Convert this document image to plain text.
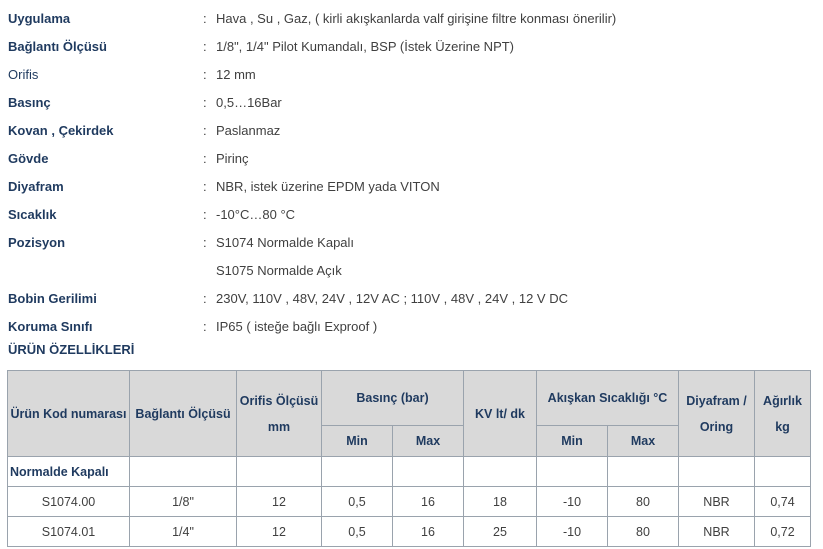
Uygulama	: Hava , Su , Gaz, ( kirli akışkanlarda valf girişine filtre konması önerilir)
Bağlantı Ölçüsü	: 1/8", 1/4" Pilot Kumandalı, BSP (İstek Üzerine NPT)
Orifis	: 12 mm
Basınç	: 0,5…16Bar
Kovan , Çekirdek	: Paslanmaz
Gövde	: Pirinç
Diyafram	: NBR, istek üzerine EPDM yada VITON
Sıcaklık	: -10°C…80 °C
Pozisyon	: S1074 Normalde Kapalı
S1075 Normalde Açık
Bobin Gerilimi	: 230V, 110V , 48V, 24V , 12V AC ; 110V , 48V , 24V , 12 V DC
Koruma Sınıfı	: IP65 ( isteğe bağlı Exproof )
ÜRÜN ÖZELLİKLERİ
Ürün Kod numarası	Bağlantı Ölçüsü	Orifis Ölçüsü mm	Basınç (bar)		KV lt/ dk	Akışkan Sıcaklığı °C		Diyafram / Oring	Ağırlık kg
			Min	Max		Min	Max		
Normalde Kapalı									
S1074.00	1/8"	12	0,5	16	18	-10	80	NBR	0,74
S1074.01	1/4"	12	0,5	16	25	-10	80	NBR	0,72
